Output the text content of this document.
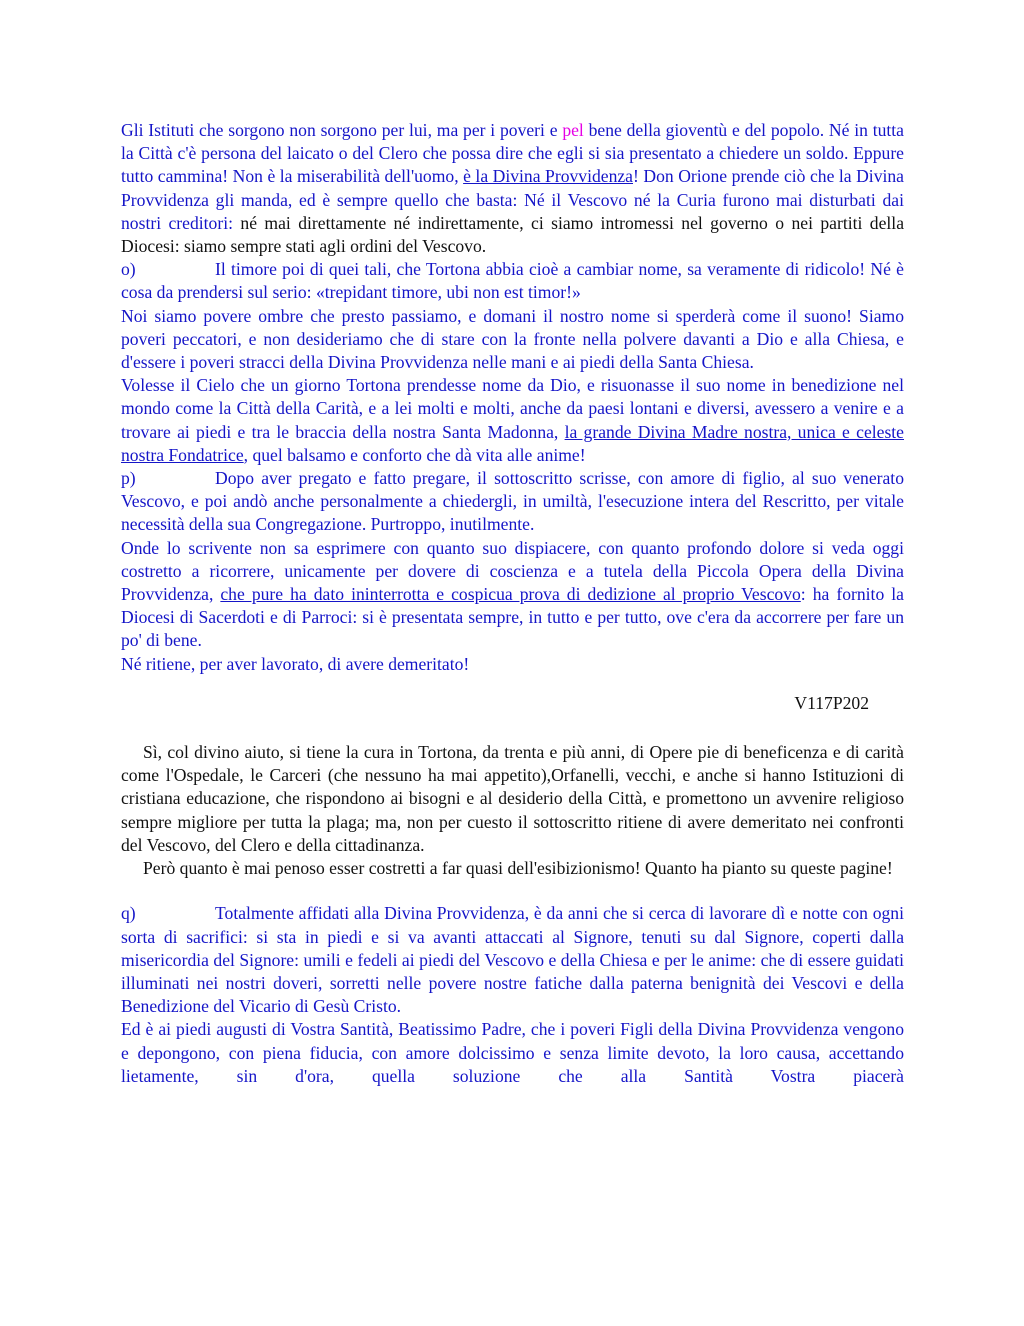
Gli Istituti che sorgono non sorgono per lui, ma per i poveri e pel bene della gioventù e del popolo. Né in tutta la Città c'è persona del laicato o del Clero che possa dire che egli si sia presentato a chiedere un soldo. Eppure tutto cammina! Non è la miserabilità dell'uomo, è la Divina Provvidenza! Don Orione prende ciò che la Divina Provvidenza gli manda, ed è sempre quello che basta: Né il Vescovo né la Curia furono mai disturbati dai nostri creditori: né mai direttamente né indirettamente, ci siamo intromessi nel governo o nei partiti della Diocesi: siamo sempre stati agli ordini del Vescovo.

o)	Il timore poi di quei tali, che Tortona abbia cioè a cambiar nome, sa veramente di ridicolo! Né è cosa da prendersi sul serio: «trepidant timore, ubi non est timor!»

Noi siamo povere ombre che presto passiamo, e domani il nostro nome si sperderà come il suono! Siamo poveri peccatori, e non desideriamo che di stare con la fronte nella polvere davanti a Dio e alla Chiesa, e d'essere i poveri stracci della Divina Provvidenza nelle mani e ai piedi della Santa Chiesa.

Volesse il Cielo che un giorno Tortona prendesse nome da Dio, e risuonasse il suo nome in benedizione nel mondo come la Città della Carità, e a lei molti e molti, anche da paesi lontani e diversi, avessero a venire e a trovare ai piedi e tra le braccia della nostra Santa Madonna, la grande Divina Madre nostra, unica e celeste nostra Fondatrice, quel balsamo e conforto che dà vita alle anime!

p)	Dopo aver pregato e fatto pregare, il sottoscritto scrisse, con amore di figlio, al suo venerato Vescovo, e poi andò anche personalmente a chiedergli, in umiltà, l'esecuzione intera del Rescritto, per vitale necessità della sua Congregazione. Purtroppo, inutilmente.

Onde lo scrivente non sa esprimere con quanto suo dispiacere, con quanto profondo dolore si veda oggi costretto a ricorrere, unicamente per dovere di coscienza e a tutela della Piccola Opera della Divina Provvidenza, che pure ha dato ininterrotta e cospicua prova di dedizione al proprio Vescovo: ha fornito la Diocesi di Sacerdoti e di Parroci: si è presentata sempre, in tutto e per tutto, ove c'era da accorrere per fare un po' di bene.

Né ritiene, per aver lavorato, di avere demeritato!

V117P202

Sì, col divino aiuto, si tiene la cura in Tortona, da trenta e più anni, di Opere pie di beneficenza e di carità come l'Ospedale, le Carceri (che nessuno ha mai appetito),Orfanelli, vecchi, e anche si hanno Istituzioni di cristiana educazione, che rispondono ai bisogni e al desiderio della Città, e promettono un avvenire religioso sempre migliore per tutta la plaga; ma, non per cuesto il sottoscritto ritiene di avere demeritato nei confronti del Vescovo, del Clero e della cittadinanza.

Però quanto è mai penoso esser costretti a far quasi dell'esibizionismo! Quanto ha pianto su queste pagine!

q)	Totalmente affidati alla Divina Provvidenza, è da anni che si cerca di lavorare dì e notte con ogni sorta di sacrifici: si sta in piedi e si va avanti attaccati al Signore, tenuti su dal Signore, coperti dalla misericordia del Signore: umili e fedeli ai piedi del Vescovo e della Chiesa e per le anime: che di essere guidati illuminati nei nostri doveri, sorretti nelle povere nostre fatiche dalla paterna benignità dei Vescovi e della Benedizione del Vicario di Gesù Cristo.

Ed è ai piedi augusti di Vostra Santità, Beatissimo Padre, che i poveri Figli della Divina Provvidenza vengono e depongono, con piena fiducia, con amore dolcissimo e senza limite devoto, la loro causa, accettando lietamente, sin d'ora, quella soluzione che alla Santità Vostra piacerà
